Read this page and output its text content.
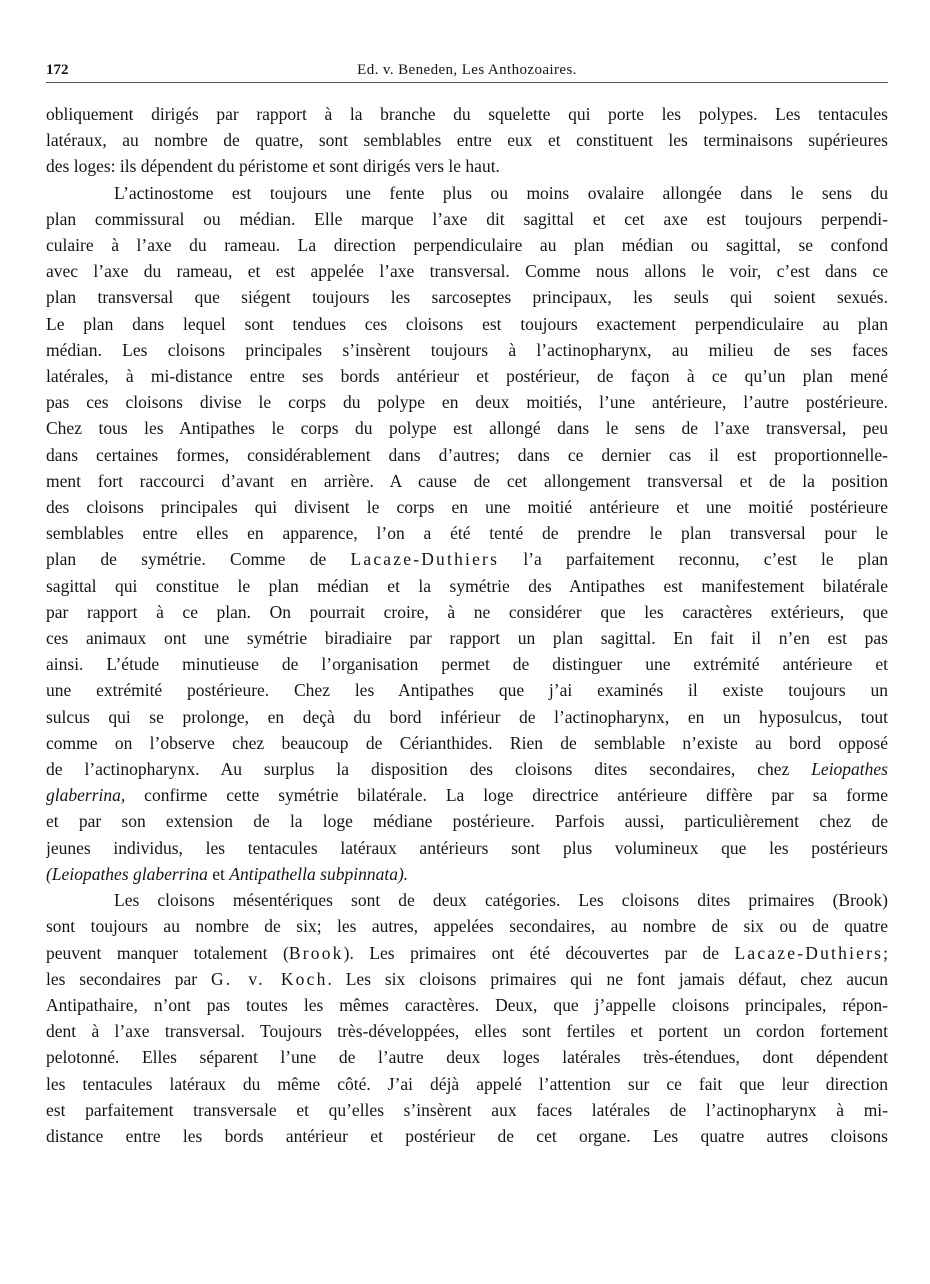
172	Ed. v. Beneden, Les Anthozoaires.

obliquement dirigés par rapport à la branche du squelette qui porte les polypes. Les tentacules
latéraux, au nombre de quatre, sont semblables entre eux et constituent les terminaisons supérieures
des loges: ils dépendent du péristome et sont dirigés vers le haut.

L’actinostome est toujours une fente plus ou moins ovalaire allongée dans le sens du
plan commissural ou médian. Elle marque l’axe dit sagittal et cet axe est toujours perpendi-
culaire à l’axe du rameau. La direction perpendiculaire au plan médian ou sagittal, se confond
avec l’axe du rameau, et est appelée l’axe transversal. Comme nous allons le voir, c’est dans ce
plan transversal que siégent toujours les sarcoseptes principaux, les seuls qui soient sexués.
Le plan dans lequel sont tendues ces cloisons est toujours exactement perpendiculaire au plan
médian. Les cloisons principales s’insèrent toujours à l’actinopharynx, au milieu de ses faces
latérales, à mi-distance entre ses bords antérieur et postérieur, de façon à ce qu’un plan mené
pas ces cloisons divise le corps du polype en deux moitiés, l’une antérieure, l’autre postérieure.
Chez tous les Antipathes le corps du polype est allongé dans le sens de l’axe transversal, peu
dans certaines formes, considérablement dans d’autres; dans ce dernier cas il est proportionnelle-
ment fort raccourci d’avant en arrière. A cause de cet allongement transversal et de la position
des cloisons principales qui divisent le corps en une moitié antérieure et une moitié postérieure
semblables entre elles en apparence, l’on a été tenté de prendre le plan transversal pour le
plan de symétrie. Comme de Lacaze-Duthiers l’a parfaitement reconnu, c’est le plan
sagittal qui constitue le plan médian et la symétrie des Antipathes est manifestement bilatérale
par rapport à ce plan. On pourrait croire, à ne considérer que les caractères extérieurs, que
ces animaux ont une symétrie biradiaire par rapport un plan sagittal. En fait il n’en est pas
ainsi. L’étude minutieuse de l’organisation permet de distinguer une extrémité antérieure et
une extrémité postérieure. Chez les Antipathes que j’ai examinés il existe toujours un
sulcus qui se prolonge, en deçà du bord inférieur de l’actinopharynx, en un hyposulcus, tout
comme on l’observe chez beaucoup de Cérianthides. Rien de semblable n’existe au bord opposé
de l’actinopharynx. Au surplus la disposition des cloisons dites secondaires, chez Leiopathes
glaberrina, confirme cette symétrie bilatérale. La loge directrice antérieure diffère par sa forme
et par son extension de la loge médiane postérieure. Parfois aussi, particulièrement chez de
jeunes individus, les tentacules latéraux antérieurs sont plus volumineux que les postérieurs
(Leiopathes glaberrina et Antipathella subpinnata).

Les cloisons mésentériques sont de deux catégories. Les cloisons dites primaires (Brook)
sont toujours au nombre de six; les autres, appelées secondaires, au nombre de six ou de quatre
peuvent manquer totalement (Brook). Les primaires ont été découvertes par de Lacaze-Duthiers;
les secondaires par G. v. Koch. Les six cloisons primaires qui ne font jamais défaut, chez aucun
Antipathaire, n’ont pas toutes les mêmes caractères. Deux, que j’appelle cloisons principales, répon-
dent à l’axe transversal. Toujours très-développées, elles sont fertiles et portent un cordon fortement
pelotonné. Elles séparent l’une de l’autre deux loges latérales très-étendues, dont dépendent
les tentacules latéraux du même côté. J’ai déjà appelé l’attention sur ce fait que leur direction
est parfaitement transversale et qu’elles s’insèrent aux faces latérales de l’actinopharynx à mi-
distance entre les bords antérieur et postérieur de cet organe. Les quatre autres cloisons
